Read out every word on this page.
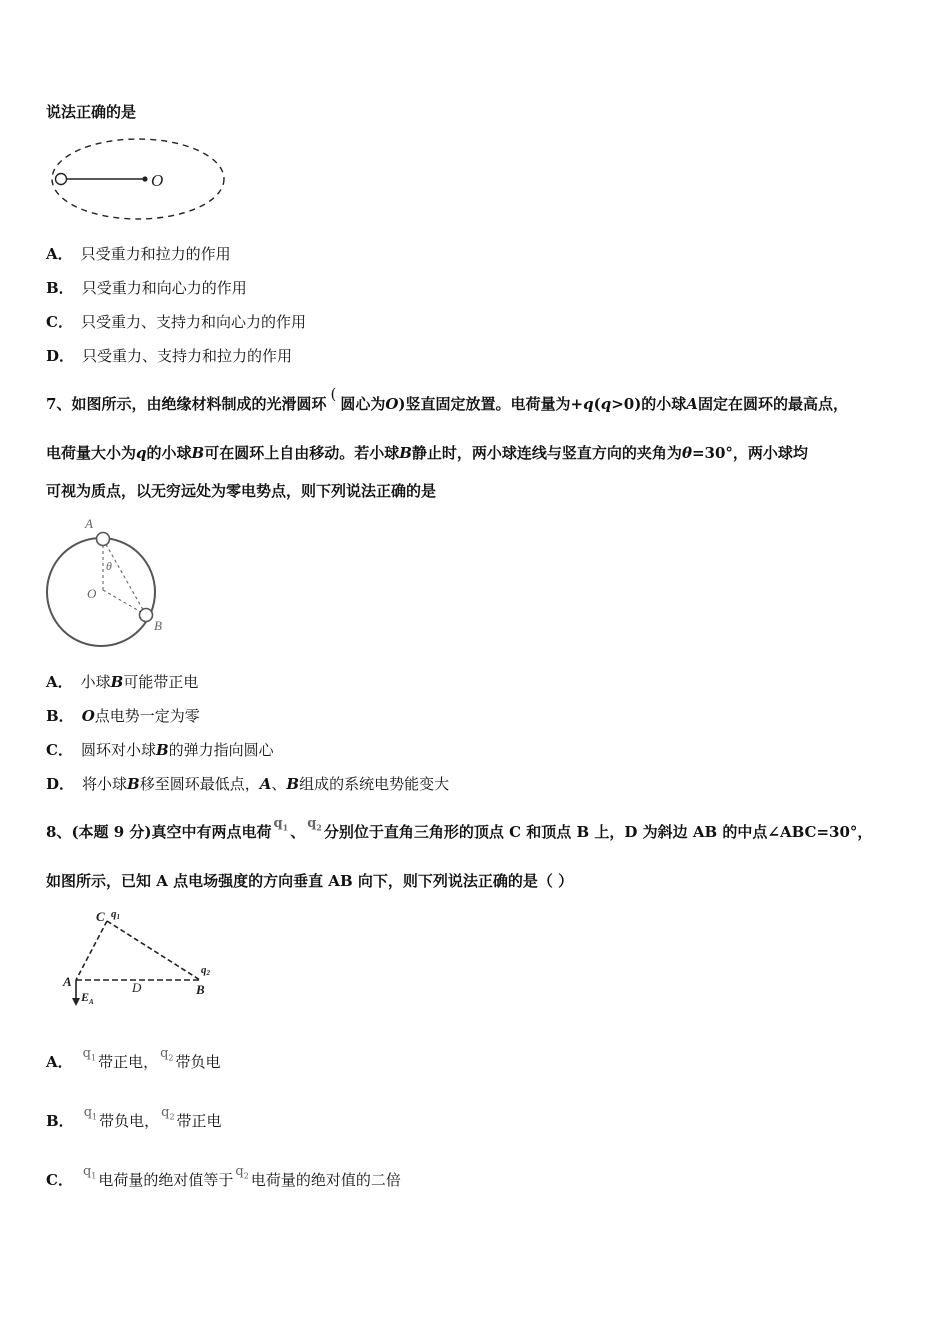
说法正确的是
O
A． 只受重力和拉力的作用
B． 只受重力和向心力的作用
C． 只受重力、支持力和向心力的作用
D． 只受重力、支持力和拉力的作用
7、如图所示，由绝缘材料制成的光滑圆环(圆心为O)竖直固定放置。电荷量为+q(q>0)的小球A固定在圆环的最高点，
电荷量大小为q的小球B可在圆环上自由移动。若小球B静止时，两小球连线与竖直方向的夹角为θ=30°，两小球均
可视为质点，以无穷远处为零电势点，则下列说法正确的是
A
θ
O
B
A． 小球B可能带正电
B． O点电势一定为零
C． 圆环对小球B的弹力指向圆心
D． 将小球B移至圆环最低点，A、B组成的系统电势能变大
8、(本题 9 分)真空中有两点电荷 $q_1$ 、 $q_2$ 分别位于直角三角形的顶点 C 和顶点 B 上，D 为斜边 AB 的中点∠ABC=30°，
如图所示，已知 A 点电场强度的方向垂直 AB 向下，则下列说法正确的是（ ）
C q1
q2
A	D	B
$E_A$
A． $q_1$ 带正电， $q_2$ 带负电
B． $q_1$ 带负电， $q_2$ 带正电
C． $q_1$ 电荷量的绝对值等于 $q_2$ 电荷量的绝对值的二倍
